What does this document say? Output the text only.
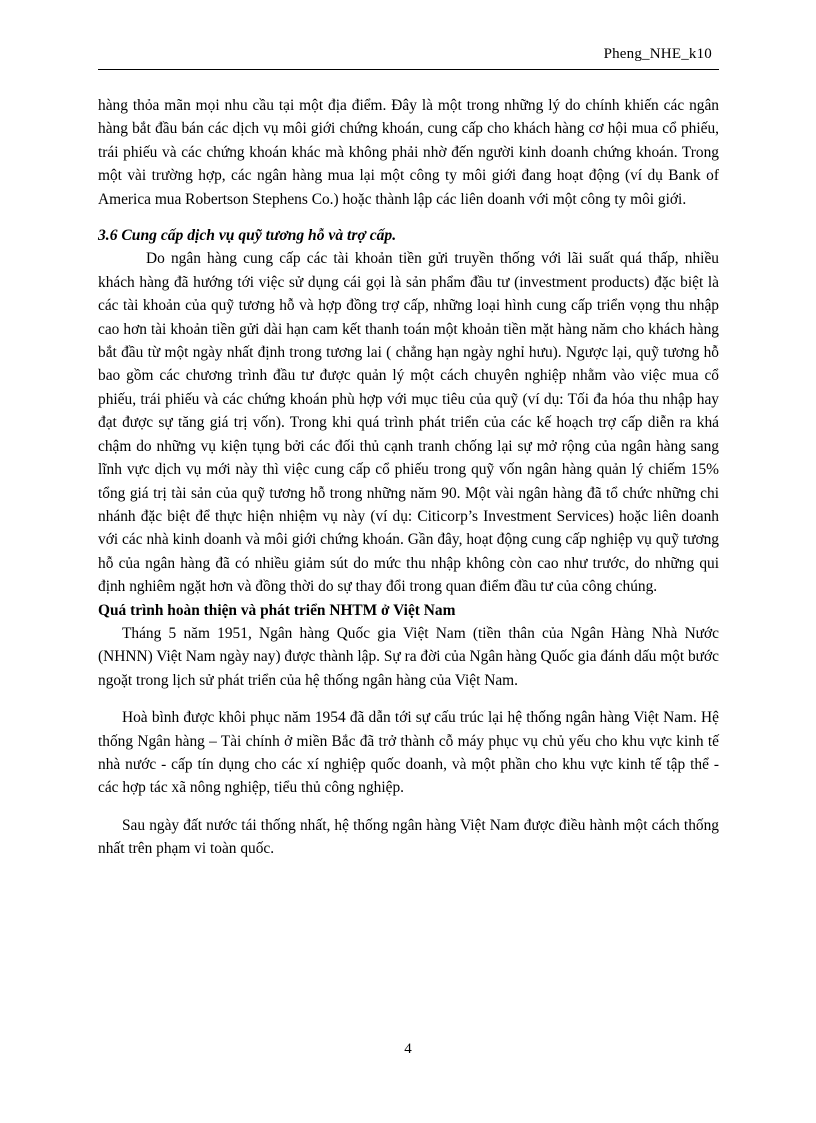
Pheng_NHE_k10

hàng thỏa mãn mọi nhu cầu tại một địa điểm. Đây là một trong những lý do chính khiến các ngân hàng bắt đầu bán các dịch vụ môi giới chứng khoán, cung cấp cho khách hàng cơ hội mua cổ phiếu, trái phiếu và các chứng khoán khác mà không phải nhờ đến người kinh doanh chứng khoán. Trong một vài trường hợp, các ngân hàng mua lại một công ty môi giới đang hoạt động (ví dụ Bank of America mua Robertson Stephens Co.) hoặc thành lập các liên doanh với một công ty môi giới.

3.6 Cung cấp dịch vụ quỹ tương hỗ và trợ cấp.

Do ngân hàng cung cấp các tài khoản tiền gửi truyền thống với lãi suất quá thấp, nhiều khách hàng đã hướng tới việc sử dụng cái gọi là sản phẩm đầu tư (investment products) đặc biệt là các tài khoản của quỹ tương hỗ và hợp đồng trợ cấp, những loại hình cung cấp triển vọng thu nhập cao hơn tài khoản tiền gửi dài hạn cam kết thanh toán một khoản tiền mặt hàng năm cho khách hàng bắt đầu từ một ngày nhất định trong tương lai ( chẳng hạn ngày nghỉ hưu). Ngược lại, quỹ tương hỗ bao gồm các chương trình đầu tư được quản lý một cách chuyên nghiệp nhằm vào việc mua cổ phiếu, trái phiếu và các chứng khoán phù hợp với mục tiêu của quỹ (ví dụ: Tối đa hóa thu nhập hay đạt được sự tăng giá trị vốn). Trong khi quá trình phát triển của các kế hoạch trợ cấp diễn ra khá chậm do những vụ kiện tụng bởi các đối thủ cạnh tranh chống lại sự mở rộng của ngân hàng sang lĩnh vực dịch vụ mới này thì việc cung cấp cổ phiếu trong quỹ vốn ngân hàng quản lý chiếm 15% tổng giá trị tài sản của quỹ tương hỗ trong những năm 90. Một vài ngân hàng đã tổ chức những chi nhánh đặc biệt để thực hiện nhiệm vụ này (ví dụ: Citicorp’s Investment Services) hoặc liên doanh với các nhà kinh doanh và môi giới chứng khoán. Gần đây, hoạt động cung cấp nghiệp vụ quỹ tương hỗ của ngân hàng đã có nhiều giảm sút do mức thu nhập không còn cao như trước, do những qui định nghiêm ngặt hơn và đồng thời do sự thay đổi trong quan điểm đầu tư của công chúng.

Quá trình hoàn thiện và phát triển NHTM ở Việt Nam

Tháng 5 năm 1951, Ngân hàng Quốc gia Việt Nam (tiền thân của Ngân Hàng Nhà Nước (NHNN) Việt Nam ngày nay) được thành lập. Sự ra đời của Ngân hàng Quốc gia đánh dấu một bước ngoặt trong lịch sử phát triển của hệ thống ngân hàng của Việt Nam.

Hoà bình được khôi phục năm 1954 đã dẫn tới sự cấu trúc lại hệ thống ngân hàng Việt Nam. Hệ thống Ngân hàng – Tài chính ở miền Bắc đã trở thành cỗ máy phục vụ chủ yếu cho khu vực kinh tế nhà nước - cấp tín dụng cho các xí nghiệp quốc doanh, và một phần cho khu vực kinh tế tập thể - các hợp tác xã nông nghiệp, tiểu thủ công nghiệp.

Sau ngày đất nước tái thống nhất, hệ thống ngân hàng Việt Nam được điều hành một cách thống nhất trên phạm vi toàn quốc.

4
